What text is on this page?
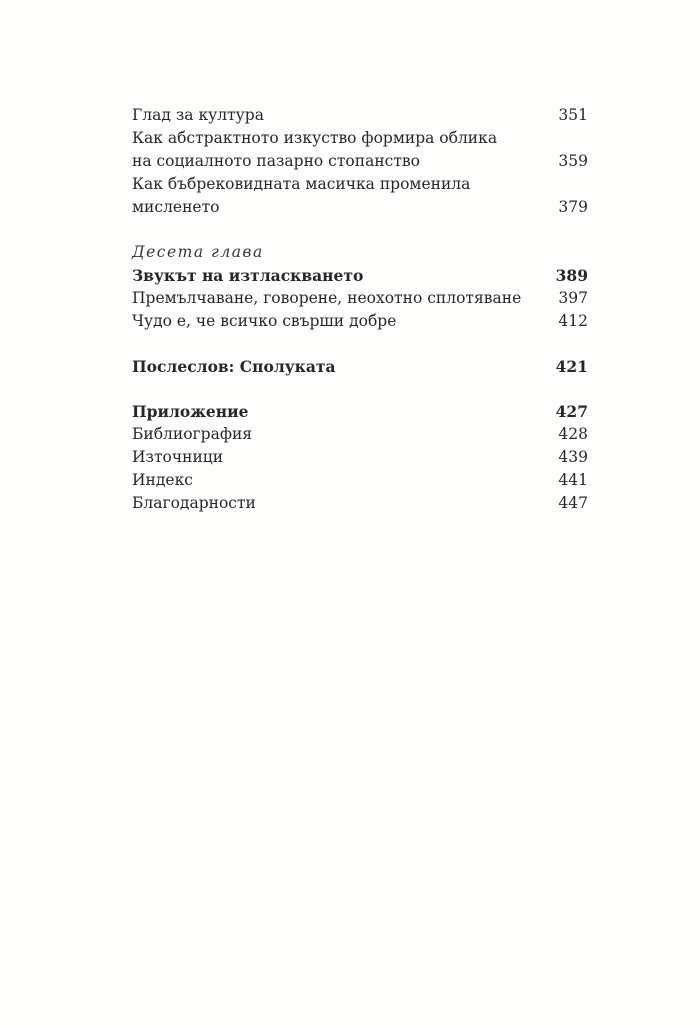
Глад за култура	351
Как абстрактното изкуство формира облика
на социалното пазарно стопанство	359
Как бъбрековидната масичка променила мисленето	379
Десета глава
Звукът на изтласкването	389
Премълчаване, говорене, неохотно сплотяване	397
Чудо е, че всичко свърши добре	412
Послеслов: Сполуката	421
Приложение	427
Библиография	428
Източници	439
Индекс	441
Благодарности	447
